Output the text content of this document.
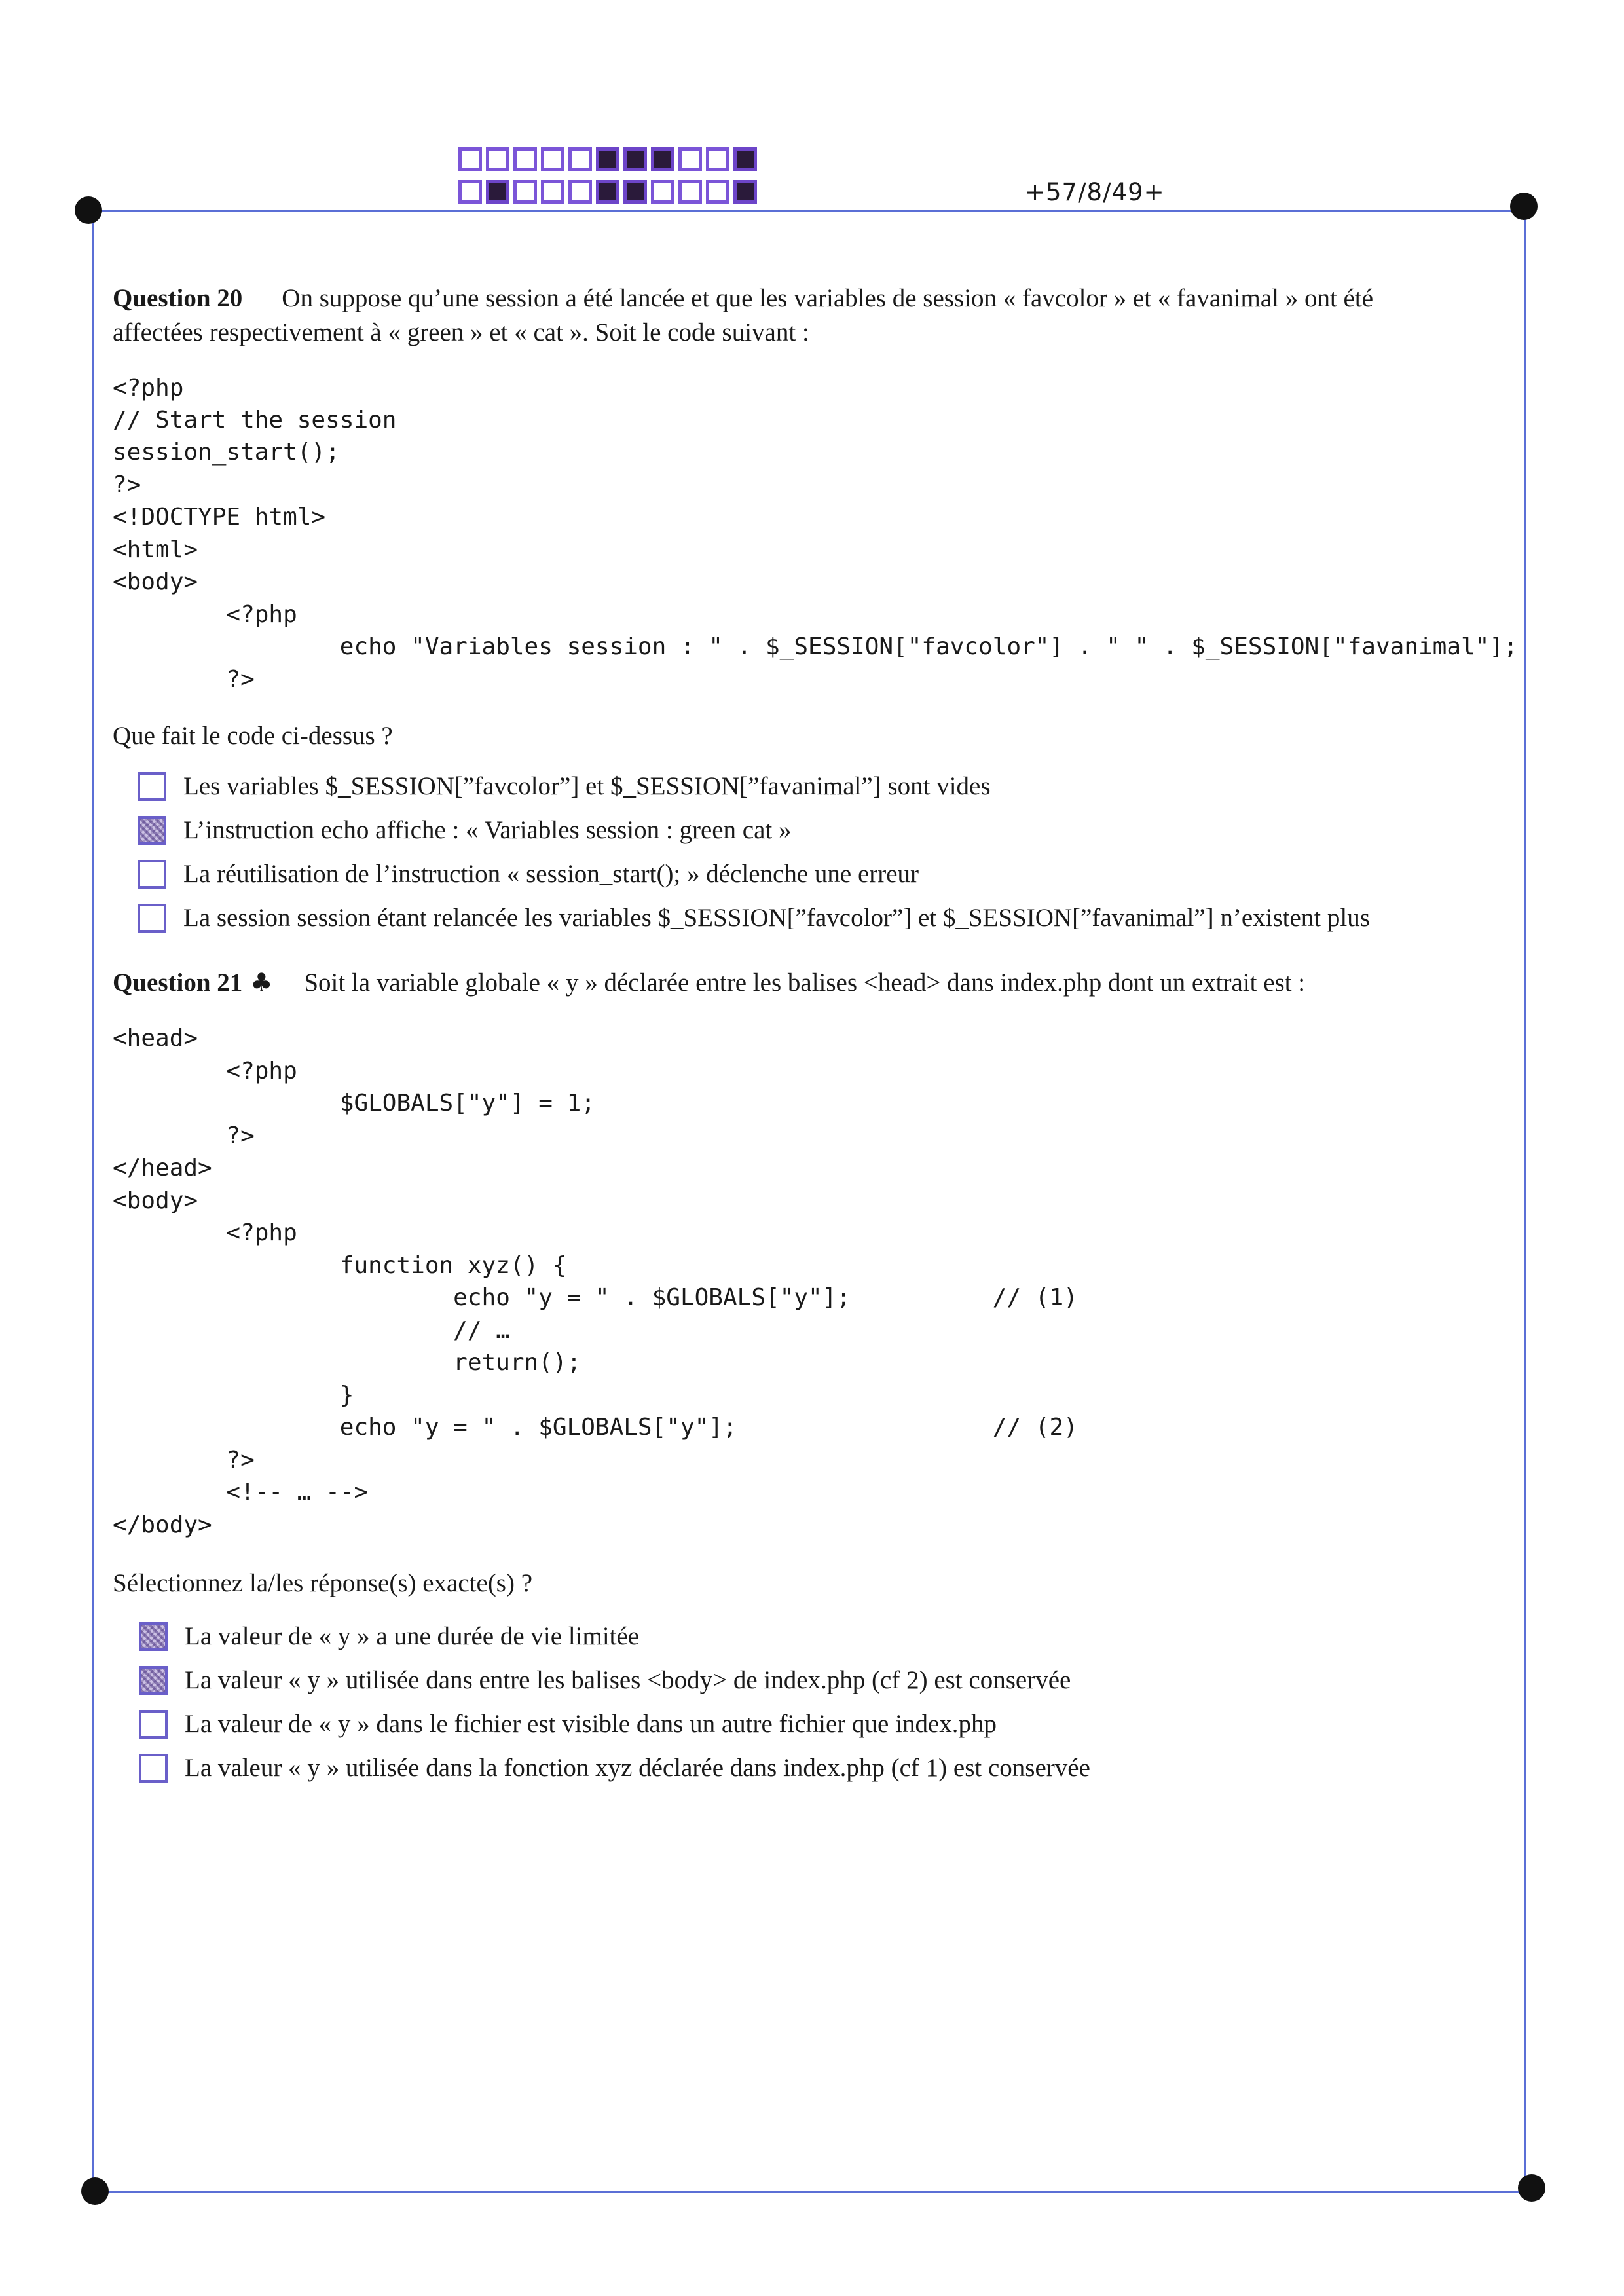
+57/8/49+
Question 20 On suppose qu’une session a été lancée et que les variables de session « favcolor » et « favanimal » ont été
affectées respectivement à « green » et « cat ». Soit le code suivant :
<?php
// Start the session
session_start();
?>
<!DOCTYPE html>
<html>
<body>
<?php
echo "Variables session : " . $_SESSION["favcolor"] . " " . $_SESSION["favanimal"];
?>
Que fait le code ci-dessus ?
Les variables $_SESSION[”favcolor”] et $_SESSION[”favanimal”] sont vides
L’instruction echo affiche : « Variables session : green cat »
La réutilisation de l’instruction « session_start(); » déclenche une erreur
La session session étant relancée les variables $_SESSION[”favcolor”] et $_SESSION[”favanimal”] n’existent plus
Question 21 ♣ Soit la variable globale « y » déclarée entre les balises <head> dans index.php dont un extrait est :
<head>
<?php
$GLOBALS["y"] = 1;
?>
</head>
<body>
<?php
function xyz() {
echo "y = " . $GLOBALS["y"];          // (1)
// …
return();
}
echo "y = " . $GLOBALS["y"];                  // (2)
?>
<!-- … -->
</body>
Sélectionnez la/les réponse(s) exacte(s) ?
La valeur de « y » a une durée de vie limitée
La valeur « y » utilisée dans entre les balises <body> de index.php (cf 2) est conservée
La valeur de « y » dans le fichier est visible dans un autre fichier que index.php
La valeur « y » utilisée dans la fonction xyz déclarée dans index.php (cf 1) est conservée
